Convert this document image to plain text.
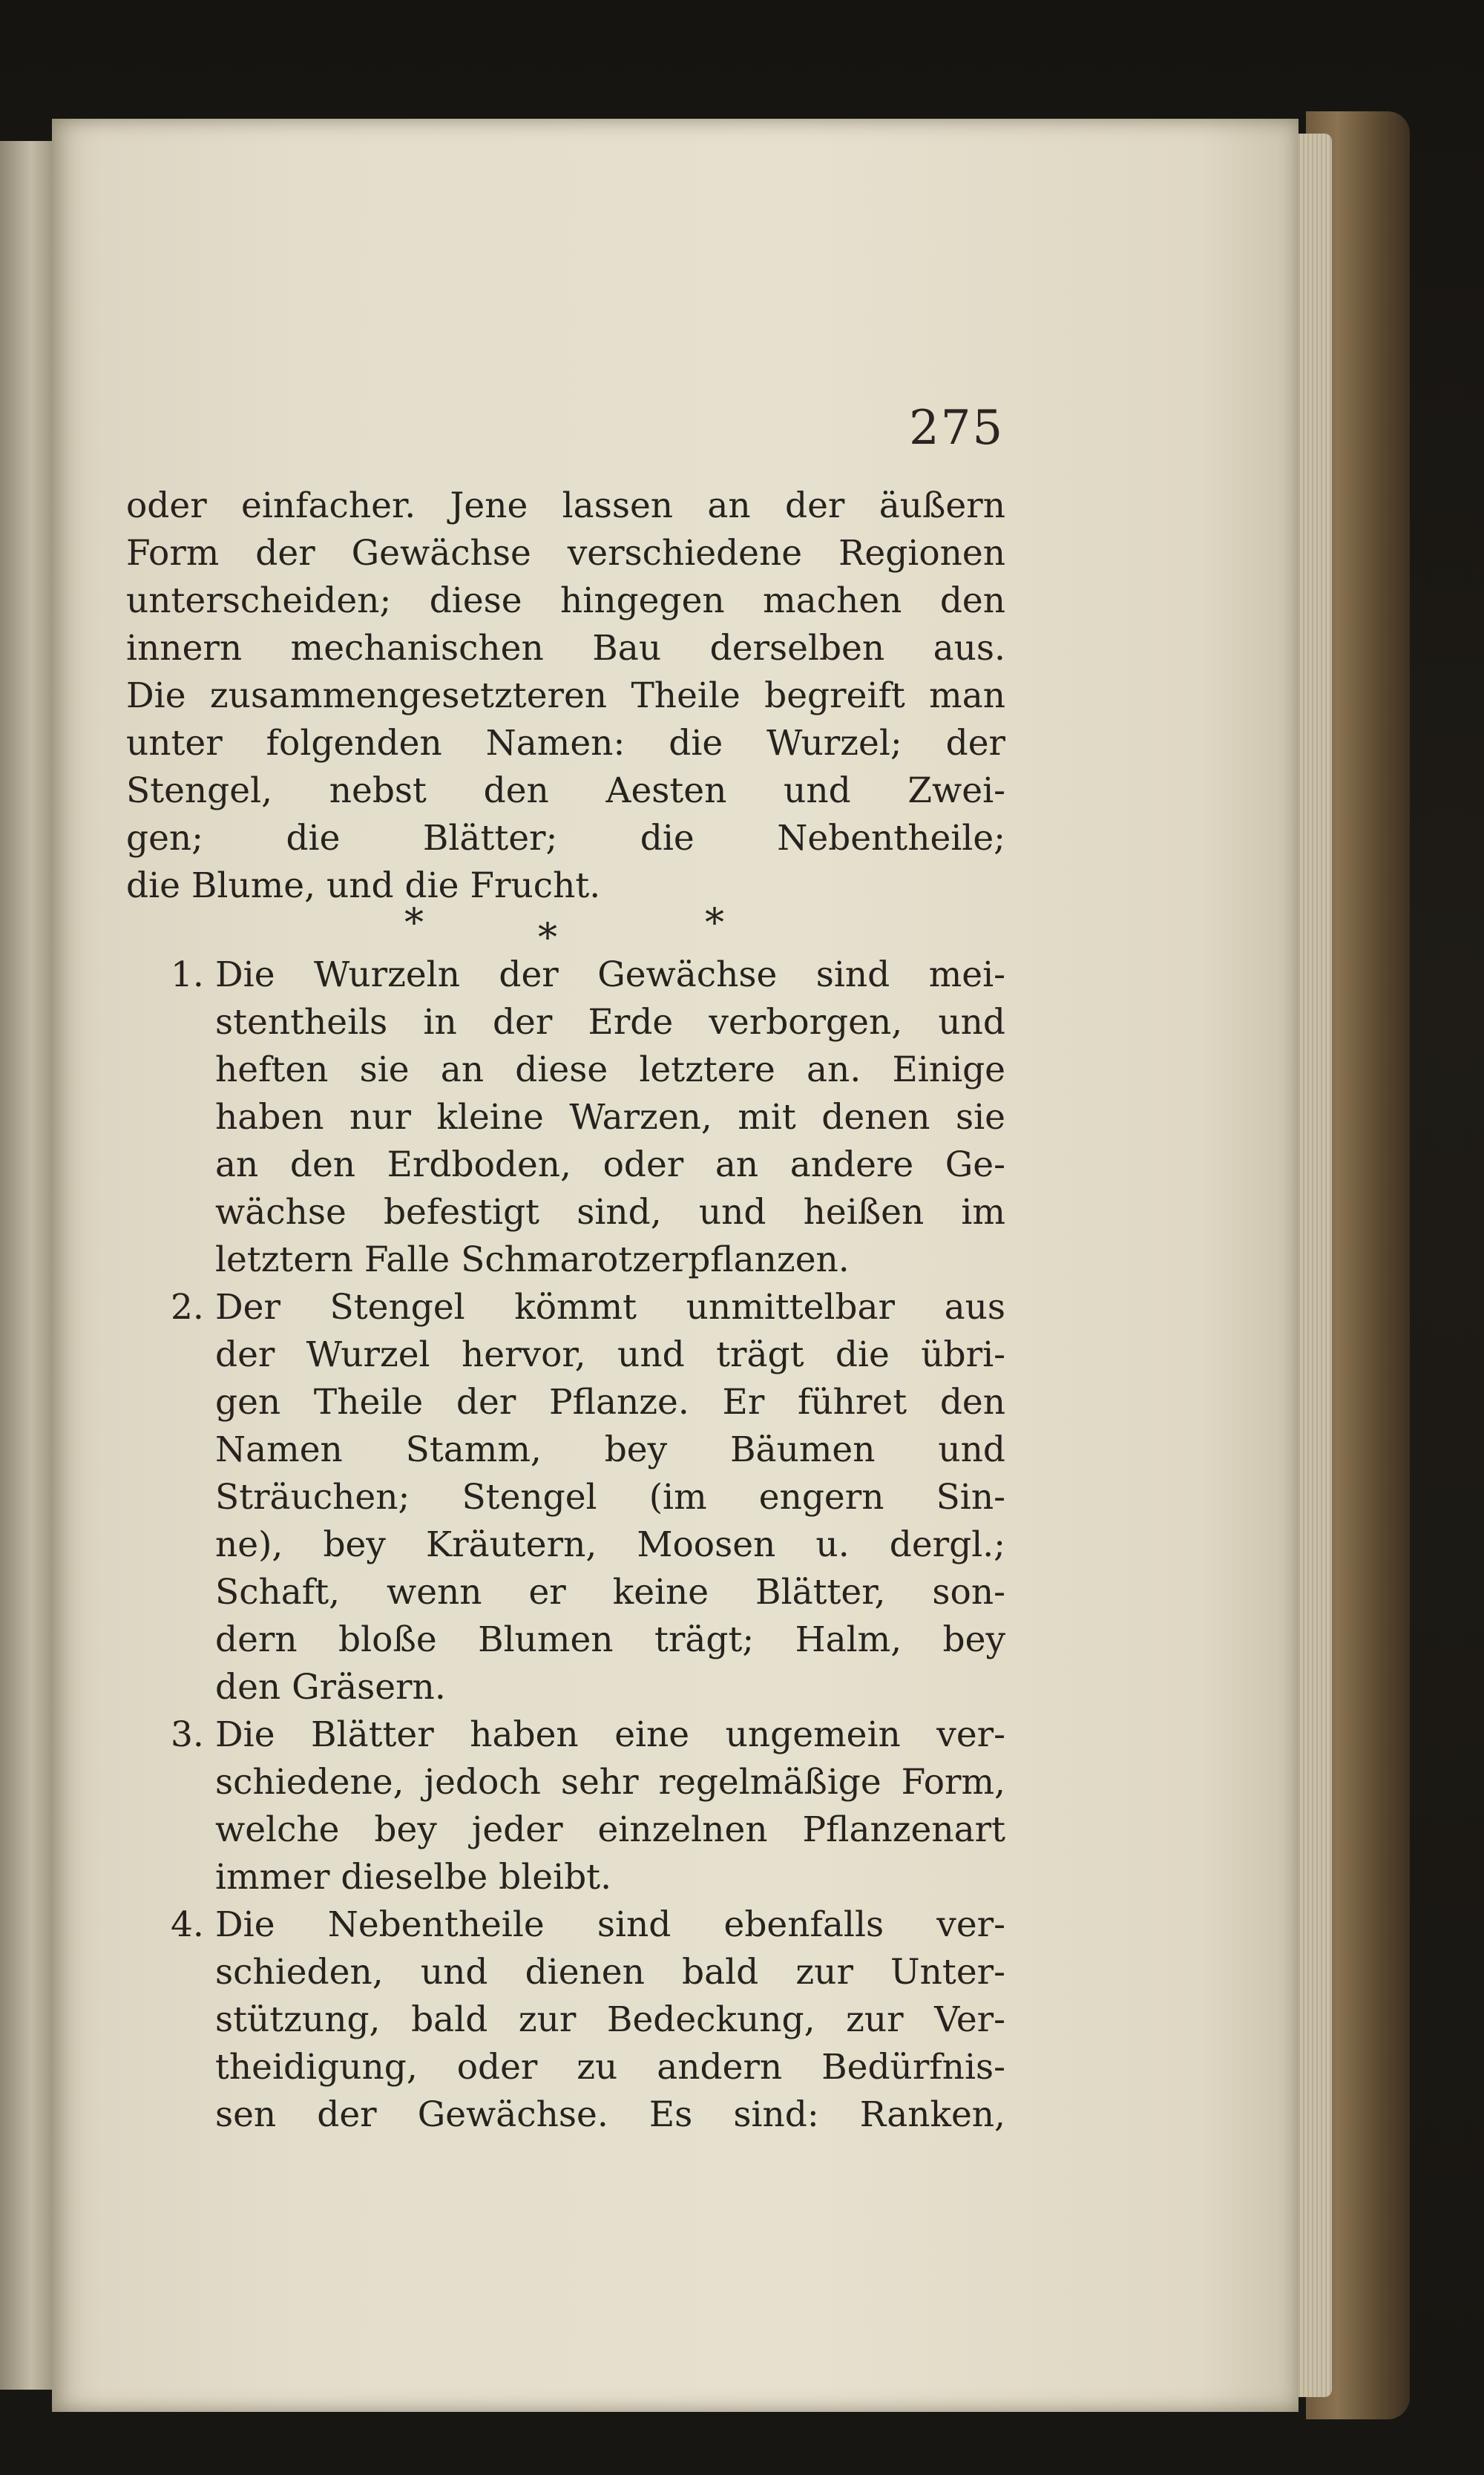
275
oder einfacher. Jene lassen an der äußern
Form der Gewächse verschiedene Regionen
unterscheiden; diese hingegen machen den
innern mechanischen Bau derselben aus.
Die zusammengesetzteren Theile begreift man
unter folgenden Namen: die Wurzel; der
Stengel, nebst den Aesten und Zwei-
gen; die Blätter; die Nebentheile;
die Blume, und die Frucht.
*	*	*
1. Die Wurzeln der Gewächse sind mei-
stentheils in der Erde verborgen, und
heften sie an diese letztere an. Einige
haben nur kleine Warzen, mit denen sie
an den Erdboden, oder an andere Ge-
wächse befestigt sind, und heißen im
letztern Falle Schmarotzerpflanzen.
2. Der Stengel kömmt unmittelbar aus
der Wurzel hervor, und trägt die übri-
gen Theile der Pflanze. Er führet den
Namen Stamm, bey Bäumen und
Sträuchen; Stengel (im engern Sin-
ne), bey Kräutern, Moosen u. dergl.;
Schaft, wenn er keine Blätter, son-
dern bloße Blumen trägt; Halm, bey
den Gräsern.
3. Die Blätter haben eine ungemein ver-
schiedene, jedoch sehr regelmäßige Form,
welche bey jeder einzelnen Pflanzenart
immer dieselbe bleibt.
4. Die Nebentheile sind ebenfalls ver-
schieden, und dienen bald zur Unter-
stützung, bald zur Bedeckung, zur Ver-
theidigung, oder zu andern Bedürfnis-
sen der Gewächse. Es sind: Ranken,
